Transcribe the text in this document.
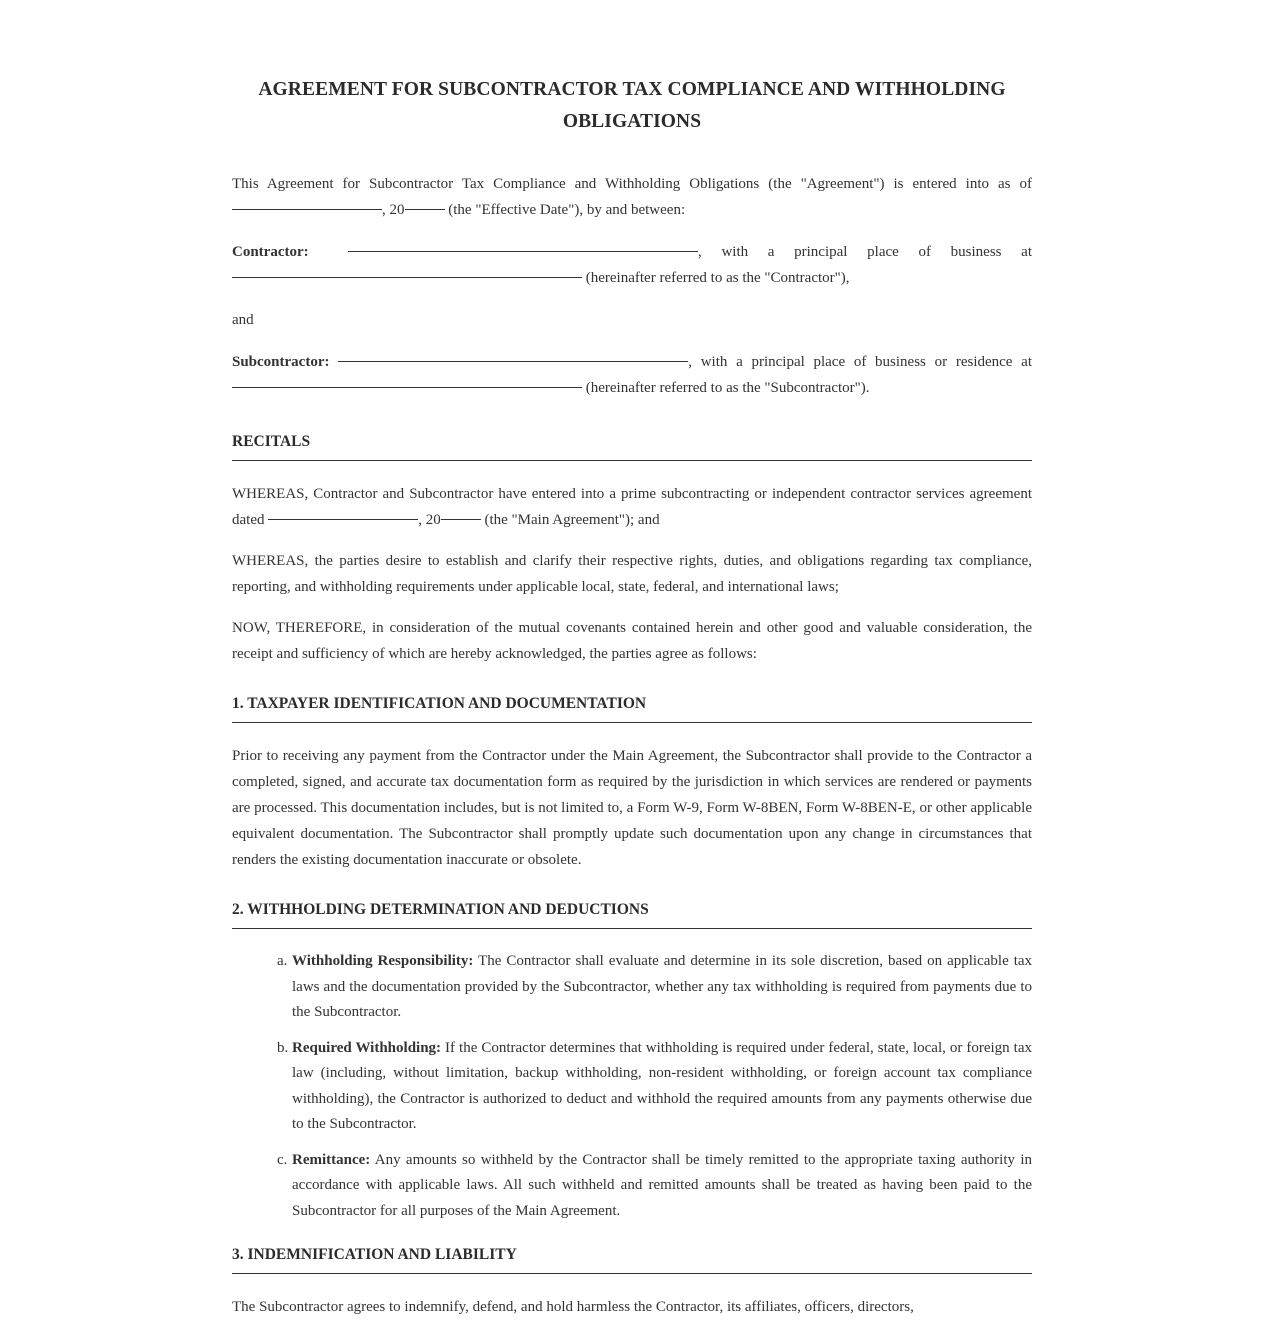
AGREEMENT FOR SUBCONTRACTOR TAX COMPLIANCE AND WITHHOLDING OBLIGATIONS

This Agreement for Subcontractor Tax Compliance and Withholding Obligations (the "Agreement") is entered into as of , 20	(the "Effective Date"), by and between:

Contractor:	, with a principal place of business at  (hereinafter referred to as the "Contractor"),

and

Subcontractor:	, with a principal place of business or residence at  (hereinafter referred to as the "Subcontractor").

RECITALS

WHEREAS, Contractor and Subcontractor have entered into a prime subcontracting or independent contractor services agreement dated	, 20	(the "Main Agreement"); and

WHEREAS, the parties desire to establish and clarify their respective rights, duties, and obligations regarding tax compliance, reporting, and withholding requirements under applicable local, state, federal, and international laws;

NOW, THEREFORE, in consideration of the mutual covenants contained herein and other good and valuable consideration, the receipt and sufficiency of which are hereby acknowledged, the parties agree as follows:

1. TAXPAYER IDENTIFICATION AND DOCUMENTATION

Prior to receiving any payment from the Contractor under the Main Agreement, the Subcontractor shall provide to the Contractor a completed, signed, and accurate tax documentation form as required by the jurisdiction in which services are rendered or payments are processed. This documentation includes, but is not limited to, a Form W-9, Form W-8BEN, Form W-8BEN-E, or other applicable equivalent documentation. The Subcontractor shall promptly update such documentation upon any change in circumstances that renders the existing documentation inaccurate or obsolete.

2. WITHHOLDING DETERMINATION AND DEDUCTIONS
a. Withholding Responsibility: The Contractor shall evaluate and determine in its sole discretion, based on applicable tax laws and the documentation provided by the Subcontractor, whether any tax withholding is required from payments due to the Subcontractor.
b. Required Withholding: If the Contractor determines that withholding is required under federal, state, local, or foreign tax law (including, without limitation, backup withholding, non-resident withholding, or foreign account tax compliance withholding), the Contractor is authorized to deduct and withhold the required amounts from any payments otherwise due to the Subcontractor.
c. Remittance: Any amounts so withheld by the Contractor shall be timely remitted to the appropriate taxing authority in accordance with applicable laws. All such withheld and remitted amounts shall be treated as having been paid to the Subcontractor for all purposes of the Main Agreement.
3. INDEMNIFICATION AND LIABILITY

The Subcontractor agrees to indemnify, defend, and hold harmless the Contractor, its affiliates, officers, directors,
